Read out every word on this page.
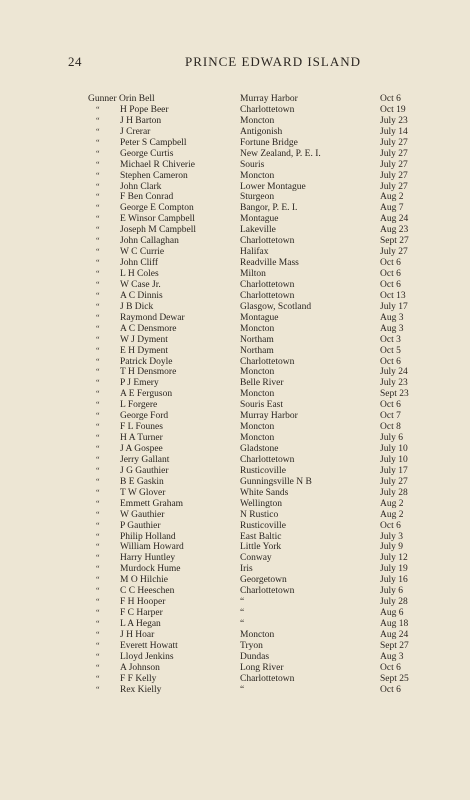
24	PRINCE EDWARD ISLAND
Gunner Orin Bell	Murray Harbor	Oct 6
“ H Pope Beer	Charlottetown	Oct 19
“ J H Barton	Moncton	July 23
“ J Crerar	Antigonish	July 14
“ Peter S Campbell	Fortune Bridge	July 27
“ George Curtis	New Zealand, P. E. I.	July 27
“ Michael R Chiverie	Souris	July 27
“ Stephen Cameron	Moncton	July 27
“ John Clark	Lower Montague	July 27
“ F Ben Conrad	Sturgeon	Aug 2
“ George E Compton	Bangor, P. E. I.	Aug 7
“ E Winsor Campbell	Montague	Aug 24
“ Joseph M Campbell	Lakeville	Aug 23
“ John Callaghan	Charlottetown	Sept 27
“ W C Currie	Halifax	July 27
“ John Cliff	Readville Mass	Oct 6
“ L H Coles	Milton	Oct 6
“ W Case Jr.	Charlottetown	Oct 6
“ A C Dinnis	Charlottetown	Oct 13
“ J B Dick	Glasgow, Scotland	July 17
“ Raymond Dewar	Montague	Aug 3
“ A C Densmore	Moncton	Aug 3
“ W J Dyment	Northam	Oct 3
“ E H Dyment	Northam	Oct 5
“ Patrick Doyle	Charlottetown	Oct 6
“ T H Densmore	Moncton	July 24
“ P J Emery	Belle River	July 23
“ A E Ferguson	Moncton	Sept 23
“ L Forgere	Souris East	Oct 6
“ George Ford	Murray Harbor	Oct 7
“ F L Founes	Moncton	Oct 8
“ H A Turner	Moncton	July 6
“ J A Gospee	Gladstone	July 10
“ Jerry Gallant	Charlottetown	July 10
“ J G Gauthier	Rusticoville	July 17
“ B E Gaskin	Gunningsville N B	July 27
“ T W Glover	White Sands	July 28
“ Emmett Graham	Wellington	Aug 2
“ W Gauthier	N Rustico	Aug 2
“ P Gauthier	Rusticoville	Oct 6
“ Philip Holland	East Baltic	July 3
“ William Howard	Little York	July 9
“ Harry Huntley	Conway	July 12
“ Murdock Hume	Iris	July 19
“ M O Hilchie	Georgetown	July 16
“ C C Heeschen	Charlottetown	July 6
“ F H Hooper	“	July 28
“ F C Harper	“	Aug 6
“ L A Hegan	“	Aug 18
“ J H Hoar	Moncton	Aug 24
“ Everett Howatt	Tryon	Sept 27
“ Lloyd Jenkins	Dundas	Aug 3
“ A Johnson	Long River	Oct 6
“ F F Kelly	Charlottetown	Sept 25
“ Rex Kielly	“	Oct 6
